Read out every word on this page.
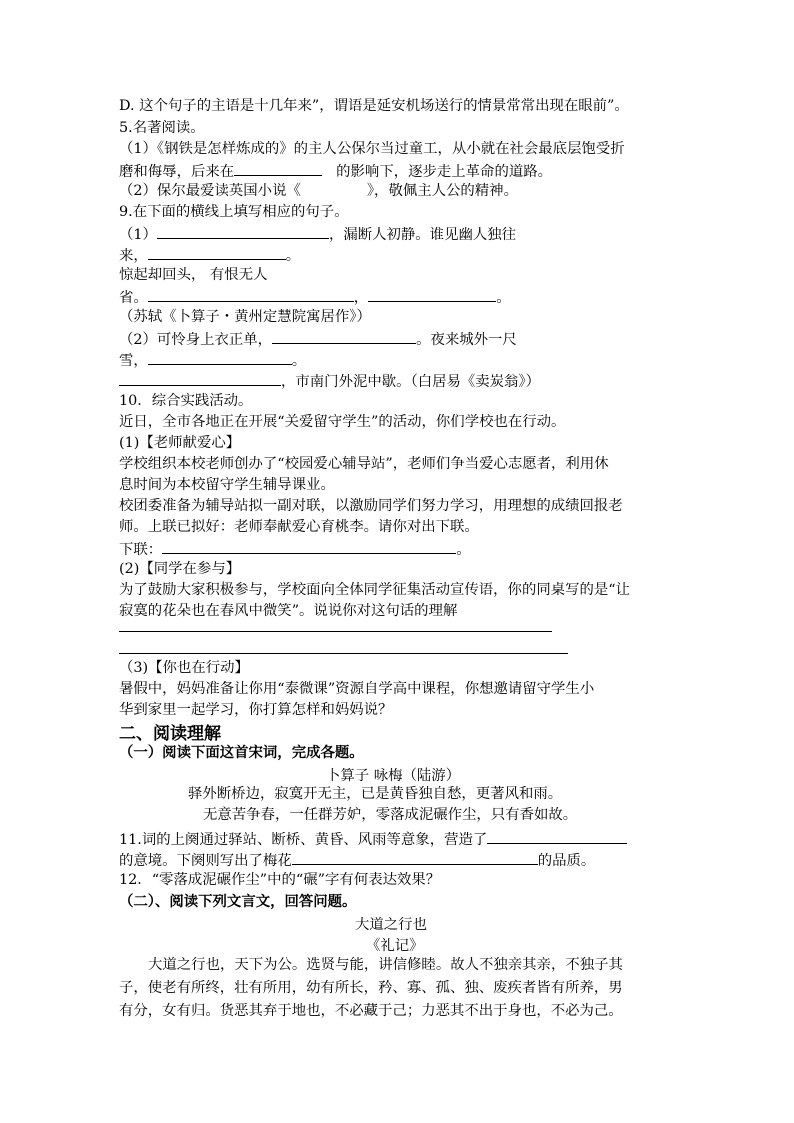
D. 这个句子的主语是十几年来”，谓语是延安机场送行的情景常常出现在眼前”。
5.名著阅读。
（1）《钢铁是怎样炼成的》的主人公保尔当过童工，从小就在社会最底层饱受折
磨和侮辱，后来在	的影响下，逐步走上革命的道路。
（2）保尔最爱读英国小说《	》，敬佩主人公的精神。
9.在下面的横线上填写相应的句子。
（1）	，漏断人初静。谁见幽人独往
来，	。
惊起却回头， 有恨无人
省。	，	。
（苏轼《卜算子・黄州定慧院寓居作》）
（2）可怜身上衣正单，	。夜来城外一尺
雪，	。
，市南门外泥中歇。（白居易《卖炭翁》）
10．综合实践活动。
近日，全市各地正在开展“关爱留守学生”的活动，你们学校也在行动。
(1)【老师献爱心】
学校组织本校老师创办了“校园爱心辅导站”，老师们争当爱心志愿者，利用休
息时间为本校留守学生辅导课业。
校团委准备为辅导站拟一副对联，以激励同学们努力学习，用理想的成绩回报老
师。上联已拟好：老师奉献爱心育桃李。请你对出下联。
下联：	。
(2)【同学在参与】
为了鼓励大家积极参与，学校面向全体同学征集活动宣传语，你的同桌写的是“让
寂寞的花朵也在春风中微笑”。说说你对这句话的理解
（3)【你也在行动】
暑假中，妈妈准备让你用“泰微课”资源自学高中课程，你想邀请留守学生小
华到家里一起学习，你打算怎样和妈妈说？
二、阅读理解
（一）阅读下面这首宋词，完成各题。
卜算子 咏梅（陆游）
驿外断桥边，寂寞开无主，已是黄昏独自愁，更著风和雨。
无意苦争春，一任群芳妒，零落成泥碾作尘，只有香如故。
11.词的上阕通过驿站、断桥、黄昏、风雨等意象，营造了
的意境。下阕则写出了梅花	的品质。
12．“零落成泥碾作尘”中的“碾”字有何表达效果？
（二）、阅读下列文言文，回答问题。
大道之行也
《礼记》
大道之行也，天下为公。选贤与能，讲信修睦。故人不独亲其亲，不独子其
子，使老有所终，壮有所用，幼有所长，矜、寡、孤、独、废疾者皆有所养，男
有分，女有归。货恶其弃于地也，不必藏于己；力恶其不出于身也，不必为己。
